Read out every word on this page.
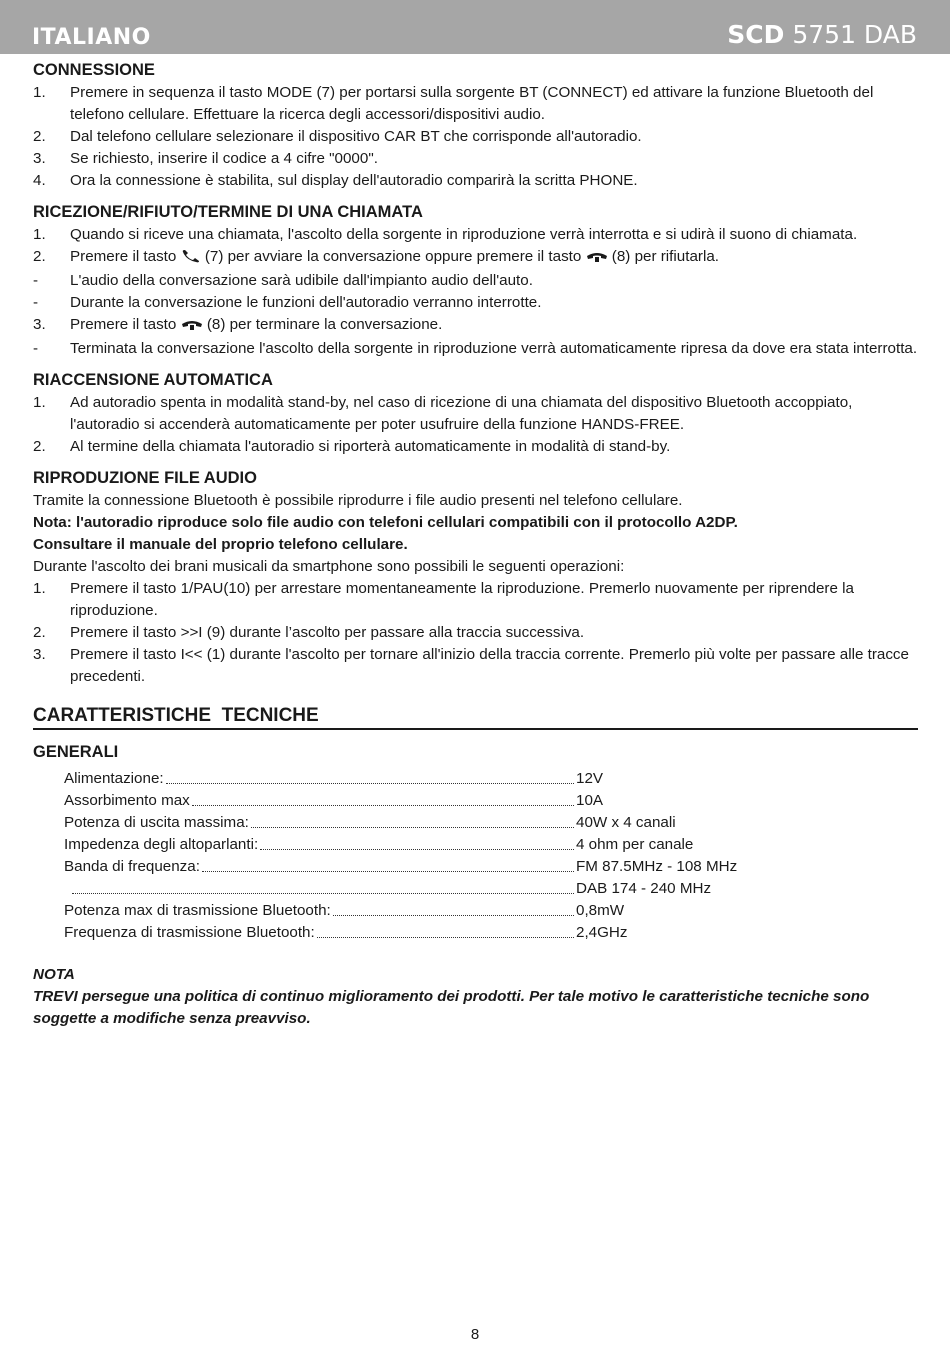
ITALIANO	SCD 5751 DAB
CONNESSIONE
1.	Premere in sequenza il tasto MODE (7) per portarsi sulla sorgente BT (CONNECT) ed attivare la funzione Bluetooth del telefono cellulare. Effettuare la ricerca degli accessori/dispositivi audio.
2.	Dal telefono cellulare selezionare il dispositivo CAR BT che corrisponde all'autoradio.
3.	Se richiesto, inserire il codice a 4 cifre "0000".
4.	Ora la connessione è stabilita, sul display dell'autoradio comparirà la scritta PHONE.
RICEZIONE/RIFIUTO/TERMINE DI UNA CHIAMATA
1.	Quando si riceve una chiamata, l'ascolto della sorgente in riproduzione verrà interrotta e si udirà il suono di chiamata.
2.	Premere il tasto (7) per avviare la conversazione oppure premere il tasto (8) per rifiutarla.
-	L'audio della conversazione sarà udibile dall'impianto audio dell'auto.
-	Durante la conversazione le funzioni dell'autoradio verranno interrotte.
3.	Premere il tasto (8) per terminare la conversazione.
-	Terminata la conversazione l'ascolto della sorgente in riproduzione verrà automaticamente ripresa da dove era stata interrotta.
RIACCENSIONE AUTOMATICA
1.	Ad autoradio spenta in modalità stand-by, nel caso di ricezione di una chiamata del dispositivo Bluetooth accoppiato, l'autoradio si accenderà automaticamente per poter usufruire della funzione HANDS-FREE.
2.	Al termine della chiamata l'autoradio si riporterà automaticamente in modalità di stand-by.
RIPRODUZIONE FILE AUDIO
Tramite la connessione Bluetooth è possibile riprodurre i file audio presenti nel telefono cellulare.
Nota: l'autoradio riproduce solo file audio con telefoni cellulari compatibili con il protocollo A2DP.
Consultare il manuale del proprio telefono cellulare.
Durante l'ascolto dei brani musicali da smartphone sono possibili le seguenti operazioni:
1.	Premere il tasto 1/PAU(10) per arrestare momentaneamente la riproduzione. Premerlo nuovamente per riprendere la riproduzione.
2.	Premere il tasto >>I (9) durante l’ascolto per passare alla traccia successiva.
3.	Premere il tasto I<< (1) durante l'ascolto per tornare all'inizio della traccia corrente. Premerlo più volte per passare alle tracce precedenti.
CARATTERISTICHE  TECNICHE
GENERALI
Alimentazione:	12V
Assorbimento max	10A
Potenza di uscita massima:	40W x 4 canali
Impedenza degli altoparlanti:	4 ohm per canale
Banda di frequenza:	FM 87.5MHz - 108 MHz
DAB 174 - 240 MHz
Potenza max di trasmissione Bluetooth:	0,8mW
Frequenza di trasmissione Bluetooth:	2,4GHz
NOTA
TREVI persegue una politica di continuo miglioramento dei prodotti. Per tale motivo le caratteristiche tecniche sono soggette a modifiche senza preavviso.
8
